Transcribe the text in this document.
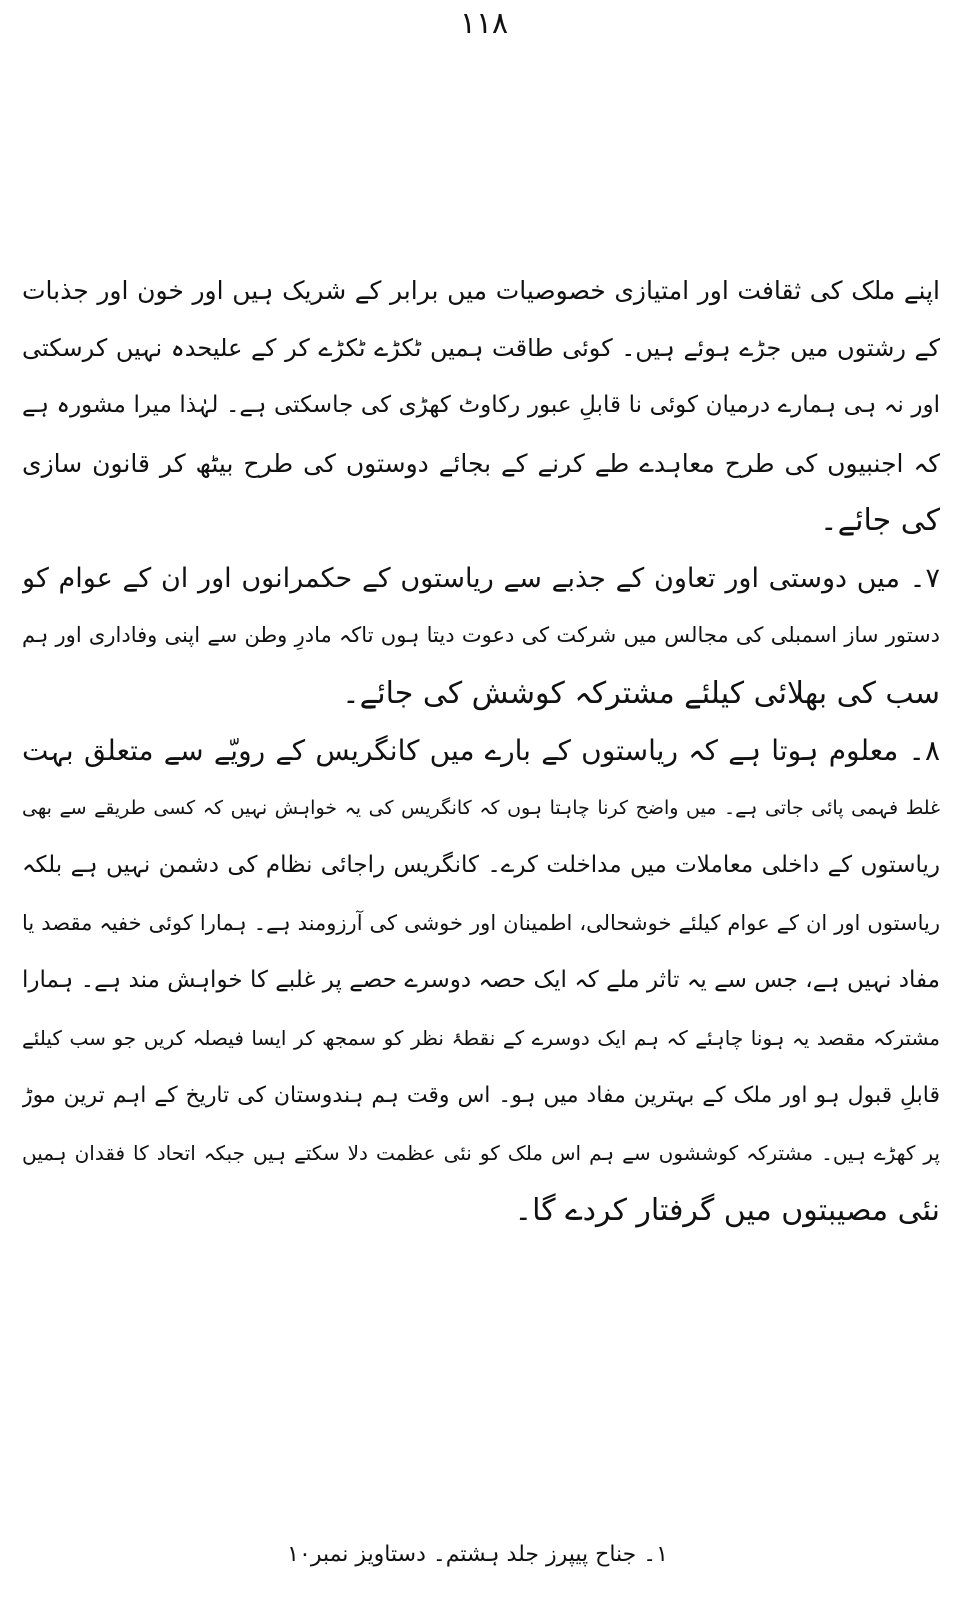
۱۱۸
اپنے ملک کی ثقافت اور امتیازی خصوصیات میں برابر کے شریک ہیں اور خون اور جذبات
کے رشتوں میں جڑے ہوئے ہیں۔ کوئی طاقت ہمیں ٹکڑے ٹکڑے کر کے علیحدہ نہیں کرسکتی
اور نہ ہی ہمارے درمیان کوئی نا قابلِ عبور رکاوٹ کھڑی کی جاسکتی ہے۔ لہٰذا میرا مشورہ ہے
کہ اجنبیوں کی طرح معاہدے طے کرنے کے بجائے دوستوں کی طرح بیٹھ کر قانون سازی
کی جائے۔
۷۔ میں دوستی اور تعاون کے جذبے سے ریاستوں کے حکمرانوں اور ان کے عوام کو
دستور ساز اسمبلی کی مجالس میں شرکت کی دعوت دیتا ہوں تاکہ مادرِ وطن سے اپنی وفاداری اور ہم
سب کی بھلائی کیلئے مشترکہ کوشش کی جائے۔
۸۔ معلوم ہوتا ہے کہ ریاستوں کے بارے میں کانگریس کے رویّے سے متعلق بہت
غلط فہمی پائی جاتی ہے۔ میں واضح کرنا چاہتا ہوں کہ کانگریس کی یہ خواہش نہیں کہ کسی طریقے سے بھی
ریاستوں کے داخلی معاملات میں مداخلت کرے۔ کانگریس راجائی نظام کی دشمن نہیں ہے بلکہ
ریاستوں اور ان کے عوام کیلئے خوشحالی، اطمینان اور خوشی کی آرزومند ہے۔ ہمارا کوئی خفیہ مقصد یا
مفاد نہیں ہے، جس سے یہ تاثر ملے کہ ایک حصہ دوسرے حصے پر غلبے کا خواہش مند ہے۔ ہمارا
مشترکہ مقصد یہ ہونا چاہئے کہ ہم ایک دوسرے کے نقطۂ نظر کو سمجھ کر ایسا فیصلہ کریں جو سب کیلئے
قابلِ قبول ہو اور ملک کے بہترین مفاد میں ہو۔ اس وقت ہم ہندوستان کی تاریخ کے اہم ترین موڑ
پر کھڑے ہیں۔ مشترکہ کوششوں سے ہم اس ملک کو نئی عظمت دلا سکتے ہیں جبکہ اتحاد کا فقدان ہمیں
نئی مصیبتوں میں گرفتار کردے گا۔
۱۔ جناح پیپرز جلد ہشتم۔ دستاویز نمبر۱۰
